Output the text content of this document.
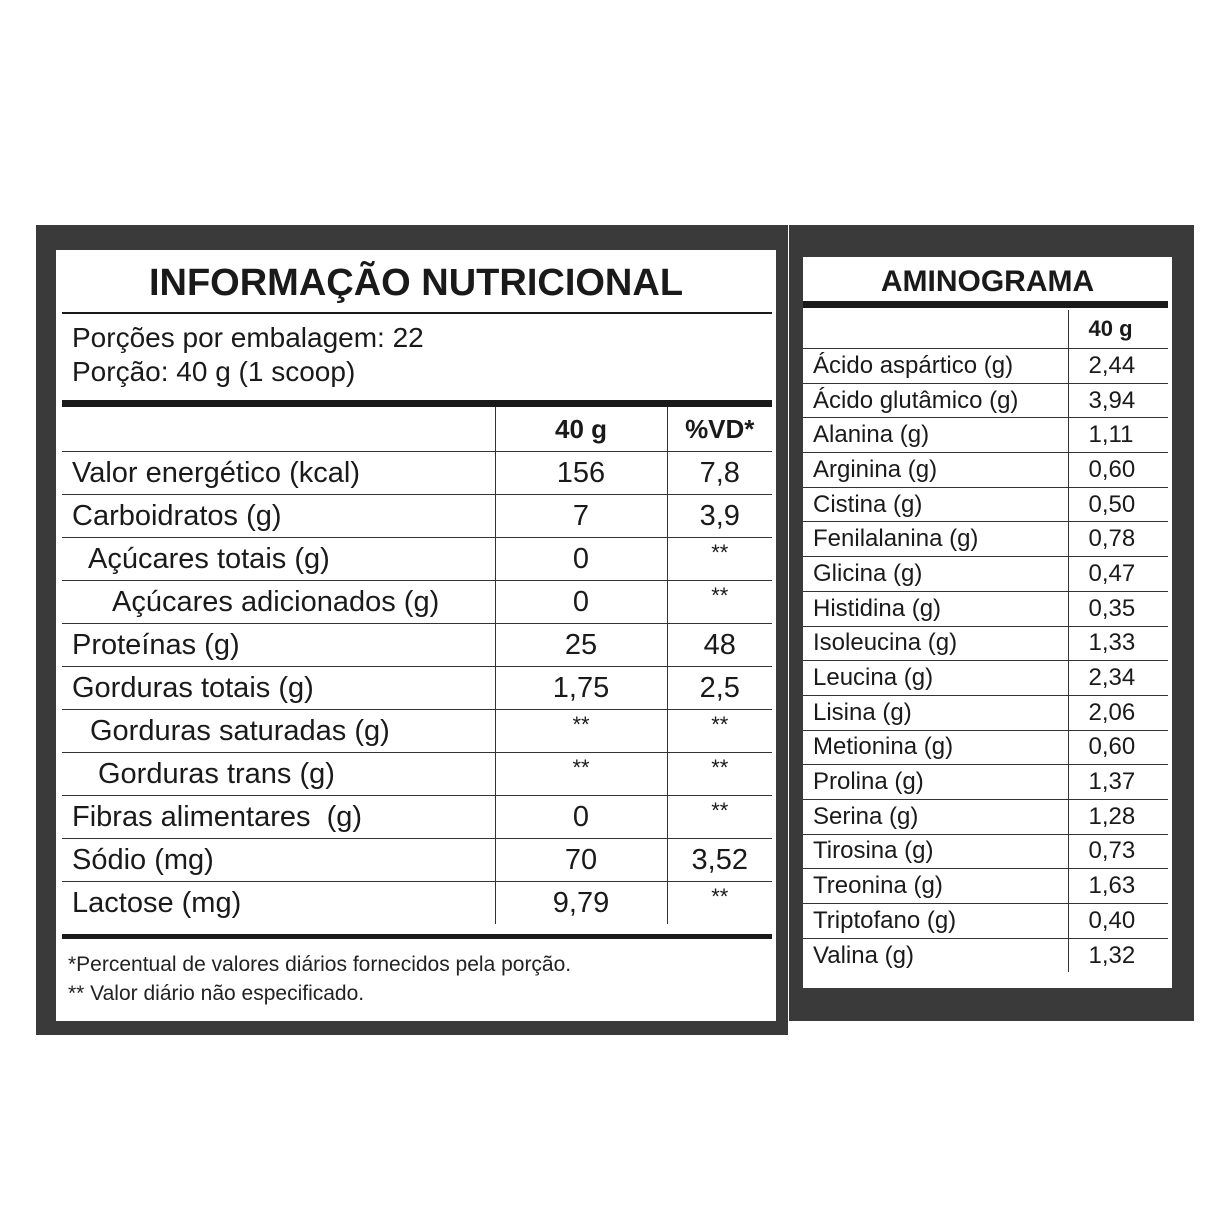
INFORMAÇÃO NUTRICIONAL
Porções por embalagem: 22
Porção: 40 g (1 scoop)
*Percentual de valores diários fornecidos pela porção.
** Valor diário não especificado.
	40 g	%VD*
Valor energético (kcal)	156	7,8
Carboidratos (g)	7	3,9
Açúcares totais (g)	0	**
Açúcares adicionados (g)	0	**
Proteínas (g)	25	48
Gorduras totais (g)	1,75	2,5
Gorduras saturadas (g)	**	**
Gorduras trans (g)	**	**
Fibras alimentares  (g)	0	**
Sódio (mg)	70	3,52
Lactose (mg)	9,79	**
AMINOGRAMA
	40 g
Ácido aspártico (g)	2,44
Ácido glutâmico (g)	3,94
Alanina (g)	1,11
Arginina (g)	0,60
Cistina (g)	0,50
Fenilalanina (g)	0,78
Glicina (g)	0,47
Histidina (g)	0,35
Isoleucina (g)	1,33
Leucina (g)	2,34
Lisina (g)	2,06
Metionina (g)	0,60
Prolina (g)	1,37
Serina (g)	1,28
Tirosina (g)	0,73
Treonina (g)	1,63
Triptofano (g)	0,40
Valina (g)	1,32
